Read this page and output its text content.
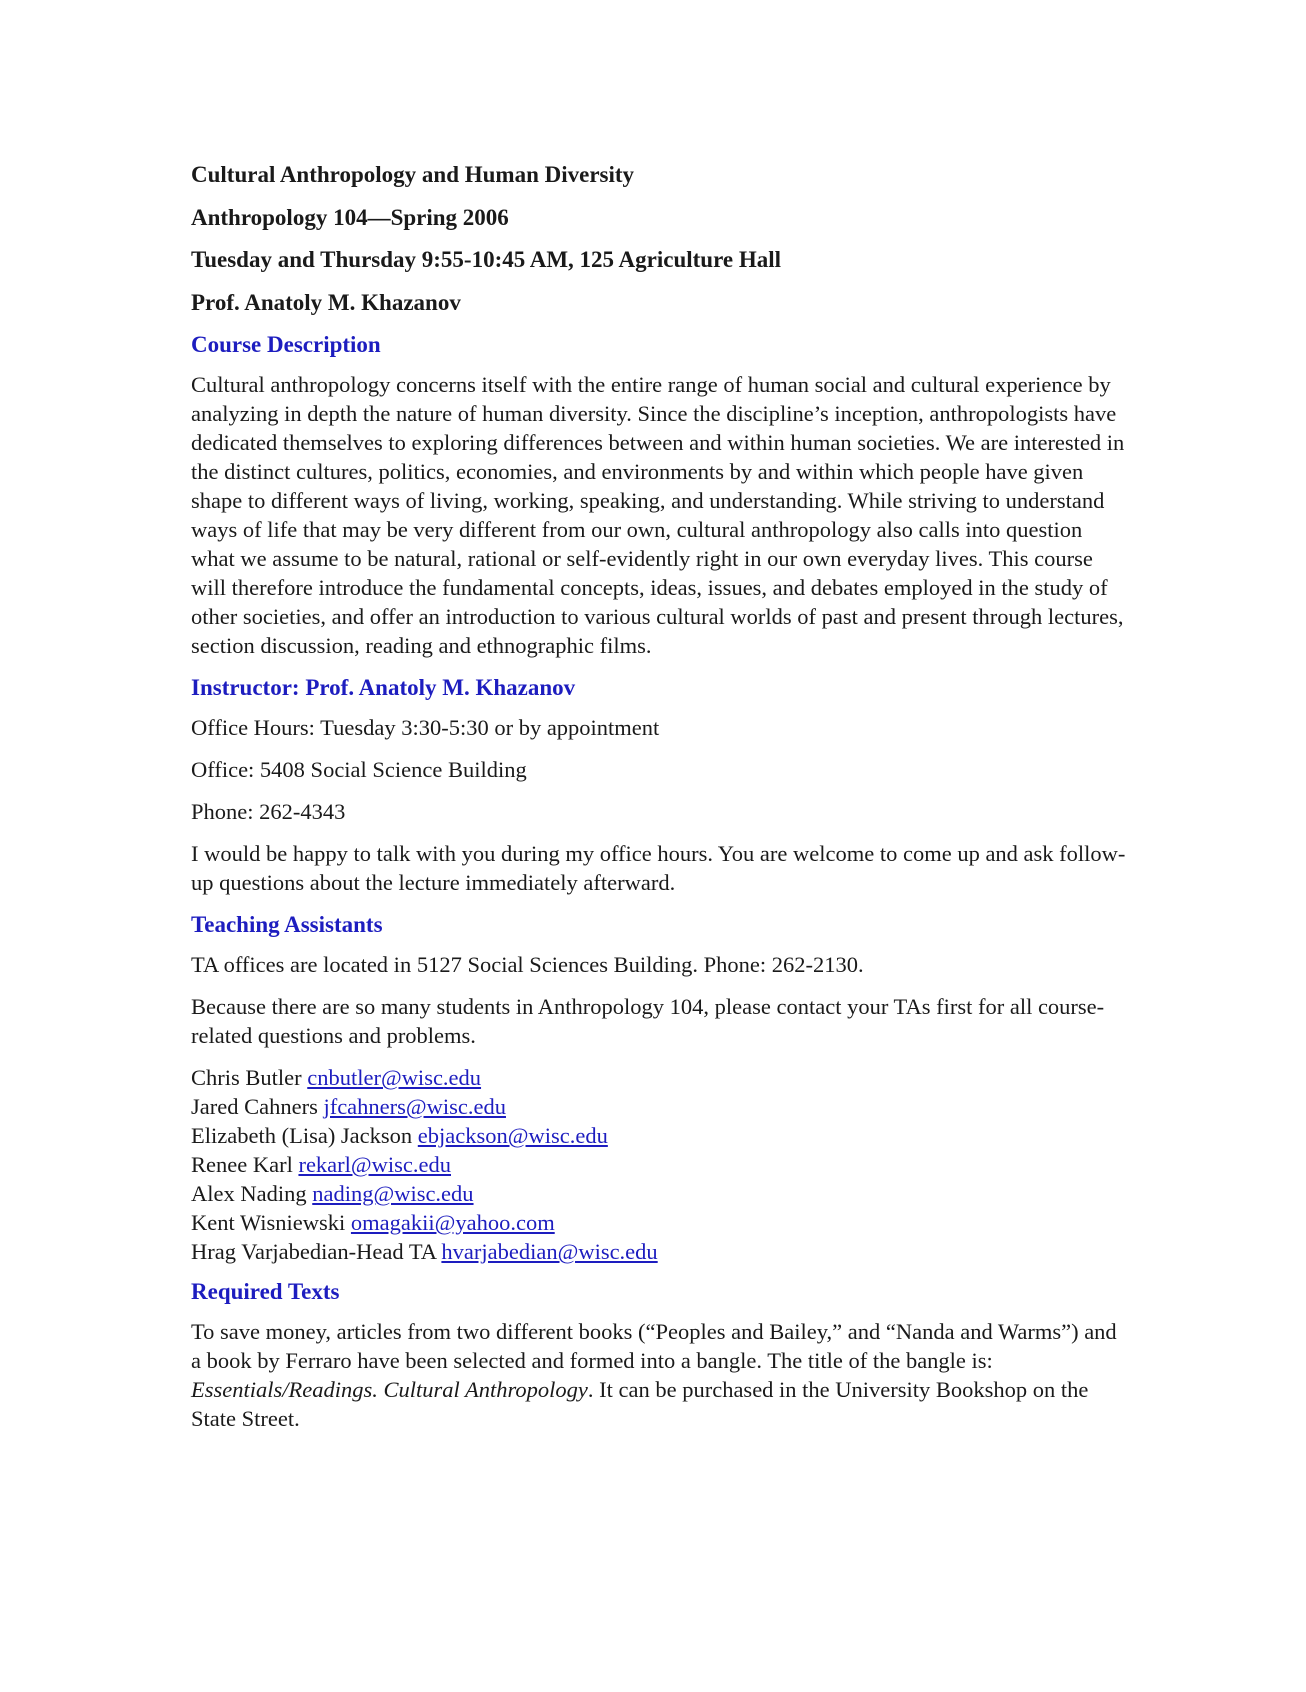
Cultural Anthropology and Human Diversity
Anthropology 104—Spring 2006
Tuesday and Thursday 9:55-10:45 AM, 125 Agriculture Hall
Prof. Anatoly M. Khazanov
Course Description

Cultural anthropology concerns itself with the entire range of human social and cultural experience by analyzing in depth the nature of human diversity. Since the discipline’s inception, anthropologists have dedicated themselves to exploring differences between and within human societies. We are interested in the distinct cultures, politics, economies, and environments by and within which people have given shape to different ways of living, working, speaking, and understanding. While striving to understand ways of life that may be very different from our own, cultural anthropology also calls into question what we assume to be natural, rational or self-evidently right in our own everyday lives. This course will therefore introduce the fundamental concepts, ideas, issues, and debates employed in the study of other societies, and offer an introduction to various cultural worlds of past and present through lectures, section discussion, reading and ethnographic films.

Instructor: Prof. Anatoly M. Khazanov

Office Hours: Tuesday 3:30-5:30 or by appointment

Office: 5408 Social Science Building

Phone: 262-4343

I would be happy to talk with you during my office hours. You are welcome to come up and ask follow-up questions about the lecture immediately afterward.

Teaching Assistants

TA offices are located in 5127 Social Sciences Building. Phone: 262-2130.

Because there are so many students in Anthropology 104, please contact your TAs first for all course-related questions and problems.

Chris Butler cnbutler@wisc.edu
Jared Cahners jfcahners@wisc.edu
Elizabeth (Lisa) Jackson ebjackson@wisc.edu
Renee Karl rekarl@wisc.edu
Alex Nading nading@wisc.edu
Kent Wisniewski omagakii@yahoo.com
Hrag Varjabedian-Head TA hvarjabedian@wisc.edu
Required Texts

To save money, articles from two different books (“Peoples and Bailey,” and “Nanda and Warms”) and a book by Ferraro have been selected and formed into a bangle. The title of the bangle is: Essentials/Readings. Cultural Anthropology. It can be purchased in the University Bookshop on the State Street.
